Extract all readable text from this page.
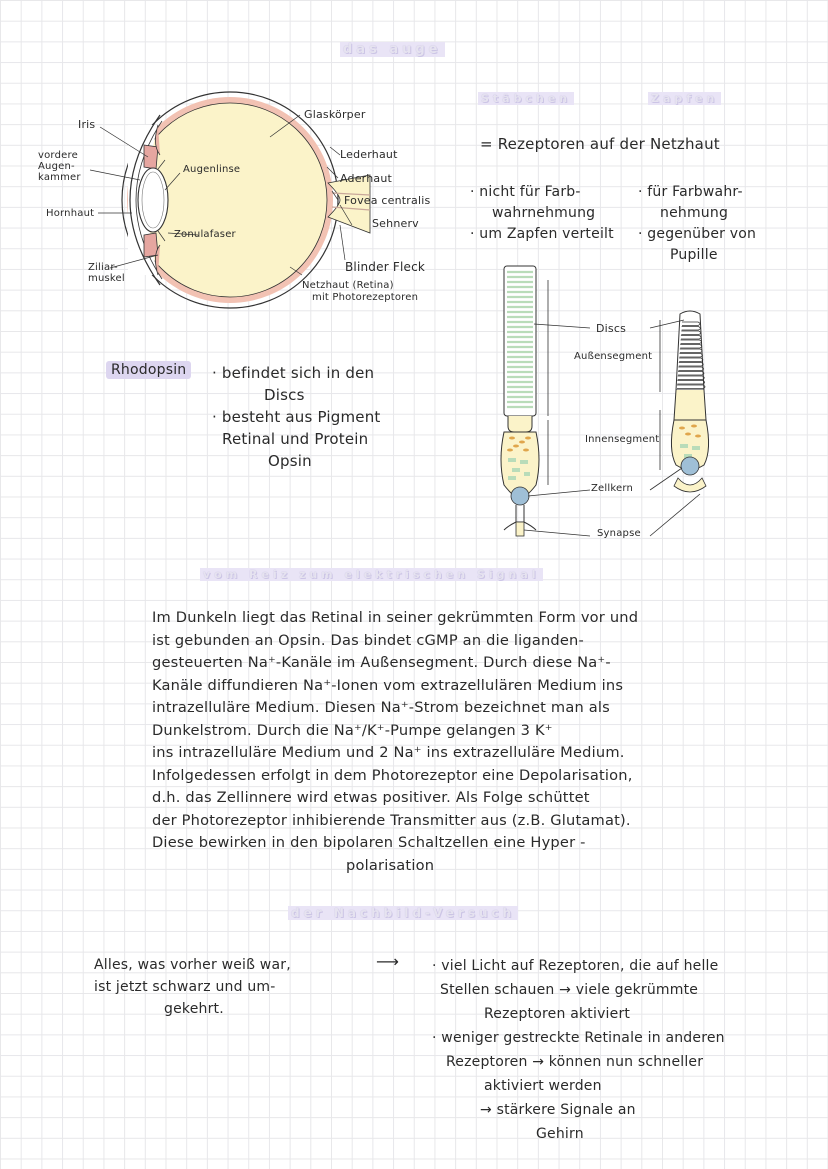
das auge
Iris
vordere
Augen-
kammer
Hornhaut
Ziliar-
muskel
Augenlinse
Zonulafaser
Glaskörper
Lederhaut
Aderhaut
Fovea centralis
Sehnerv
Blinder Fleck
Netzhaut (Retina)
mit Photorezeptoren
Stäbchen	Zapfen
= Rezeptoren auf der Netzhaut
· nicht für Farb-
wahrnehmung
· um Zapfen verteilt
· für Farbwahr-
nehmung
· gegenüber von
Pupille
Discs
Außensegment
Innensegment
Zellkern
Synapse
Rhodopsin	· befindet sich in den
Discs
· besteht aus Pigment
Retinal und Protein
Opsin
vom Reiz zum elektrischen Signal
Im Dunkeln liegt das Retinal in seiner gekrümmten Form vor und
ist gebunden an Opsin. Das bindet cGMP an die liganden-
gesteuerten Na⁺-Kanäle im Außensegment. Durch diese Na⁺-
Kanäle diffundieren Na⁺-Ionen vom extrazellulären Medium ins
intrazelluläre Medium. Diesen Na⁺-Strom bezeichnet man als
Dunkelstrom. Durch die Na⁺/K⁺-Pumpe gelangen 3 K⁺
ins intrazelluläre Medium und 2 Na⁺ ins extrazelluläre Medium.
Infolgedessen erfolgt in dem Photorezeptor eine Depolarisation,
d.h. das Zellinnere wird etwas positiver. Als Folge schüttet
der Photorezeptor inhibierende Transmitter aus (z.B. Glutamat).
Diese bewirken in den bipolaren Schaltzellen eine Hyper -
polarisation
der Nachbild-Versuch
Alles, was vorher weiß war,
ist jetzt schwarz und um-
gekehrt.
⟶ · viel Licht auf Rezeptoren, die auf helle
Stellen schauen → viele gekrümmte
Rezeptoren aktiviert
· weniger gestreckte Retinale in anderen
Rezeptoren → können nun schneller
aktiviert werden
→ stärkere Signale an
Gehirn
